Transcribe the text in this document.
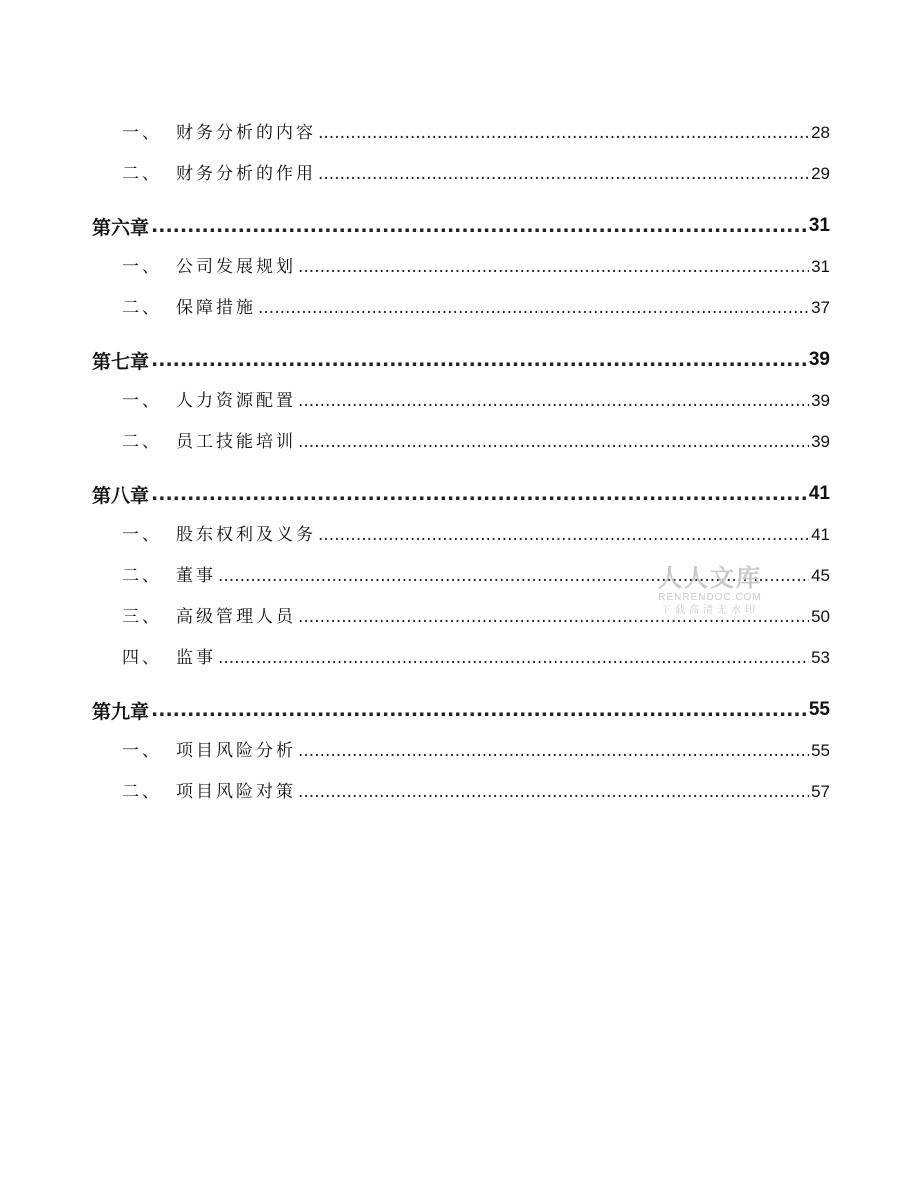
一、 财务分析的内容 .....	28
二、 财务分析的作用 .....	29
第六章 .....	31
一、 公司发展规划 .....	31
二、 保障措施 .....	37
第七章 .....	39
一、 人力资源配置 .....	39
二、 员工技能培训 .....	39
第八章 .....	41
一、 股东权利及义务 .....	41
二、 董事 .....	45
三、 高级管理人员 .....	50
四、 监事 .....	53
第九章 .....	55
一、 项目风险分析 .....	55
二、 项目风险对策 .....	57
人人文库
RENRENDOC.COM
下载高清无水印
